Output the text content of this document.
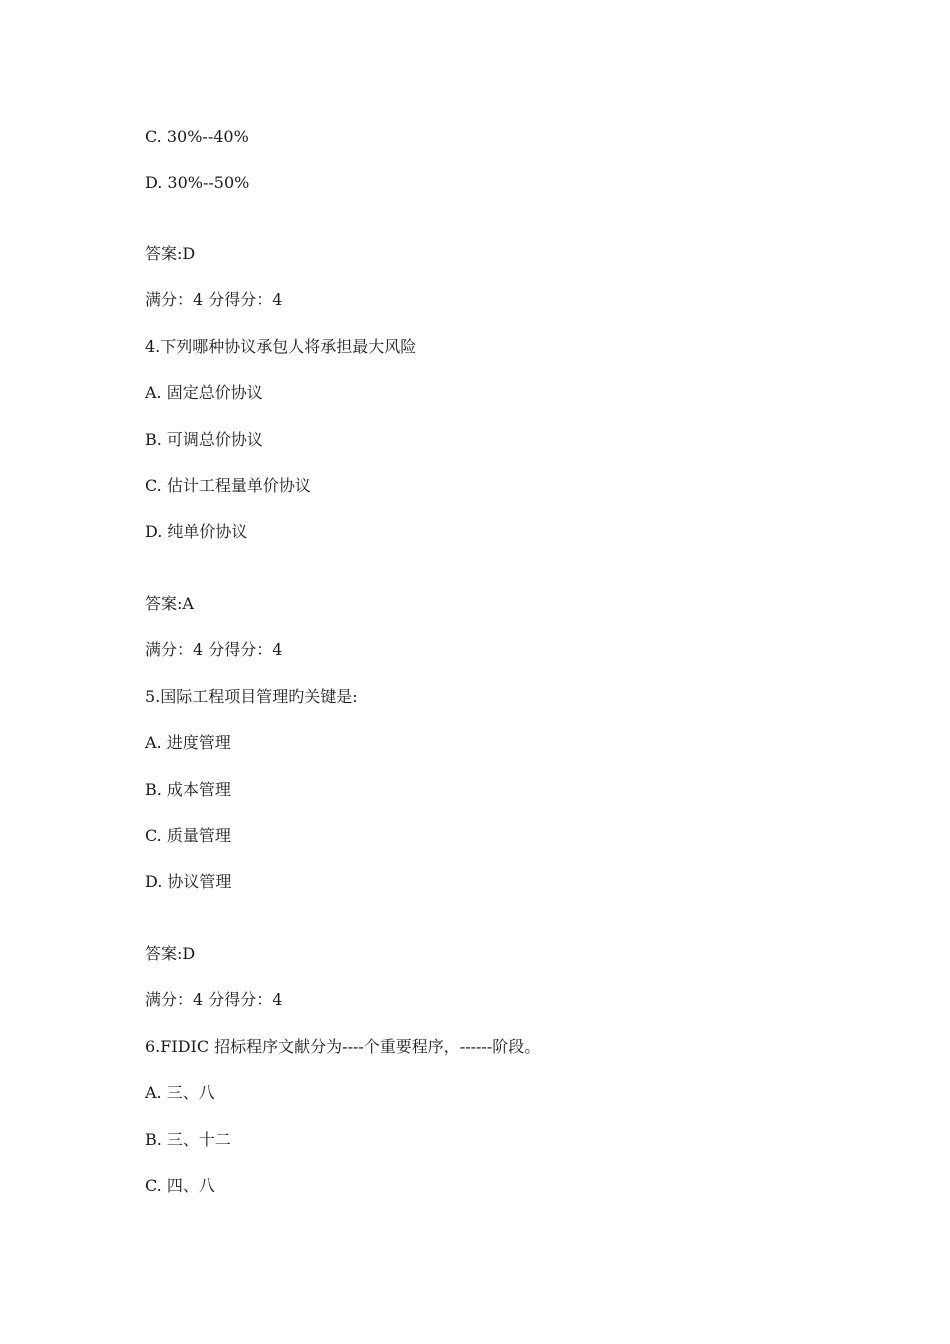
C. 30%--40%
D. 30%--50%
答案:D
满分：4 分得分：4
4.下列哪种协议承包人将承担最大风险
A. 固定总价协议
B. 可调总价协议
C. 估计工程量单价协议
D. 纯单价协议
答案:A
满分：4 分得分：4
5.国际工程项目管理旳关键是:
A. 进度管理
B. 成本管理
C. 质量管理
D. 协议管理
答案:D
满分：4 分得分：4
6.FIDIC 招标程序文献分为----个重要程序，------阶段。
A. 三、八
B. 三、十二
C. 四、八
